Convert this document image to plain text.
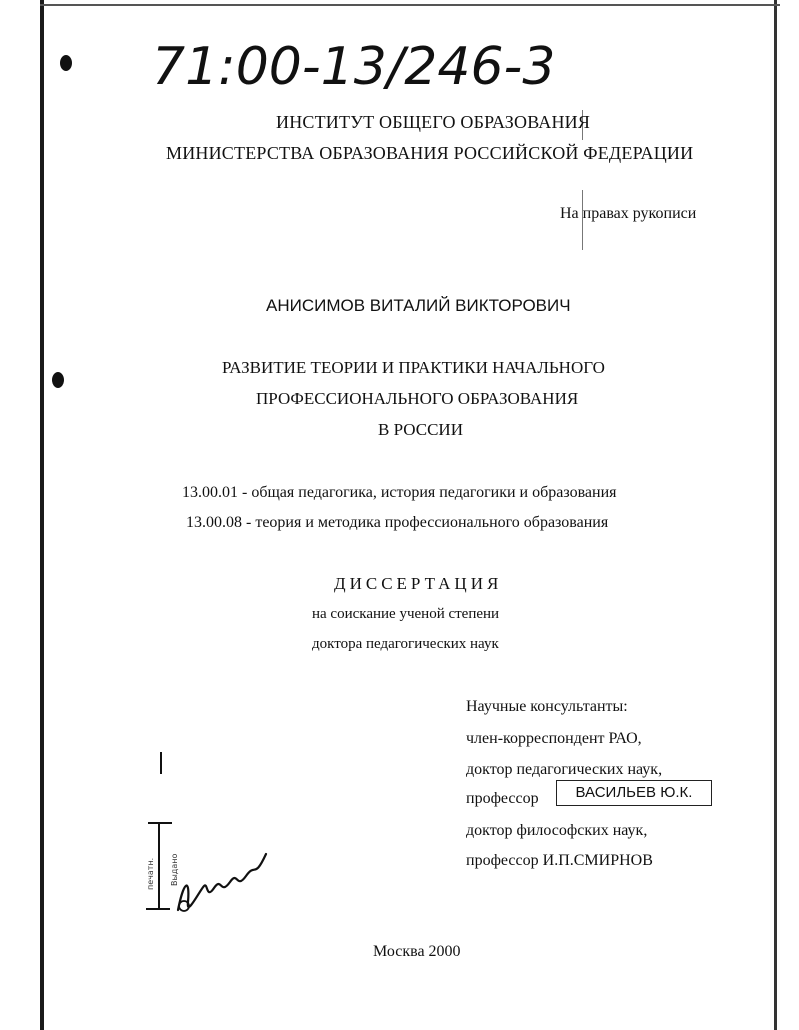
71:00-13/246-3
ИНСТИТУТ ОБЩЕГО ОБРАЗОВАНИЯ
МИНИСТЕРСТВА ОБРАЗОВАНИЯ РОССИЙСКОЙ ФЕДЕРАЦИИ
На правах рукописи
АНИСИМОВ ВИТАЛИЙ ВИКТОРОВИЧ
РАЗВИТИЕ ТЕОРИИ И ПРАКТИКИ НАЧАЛЬНОГО
ПРОФЕССИОНАЛЬНОГО ОБРАЗОВАНИЯ
В РОССИИ
13.00.01 - общая педагогика, история педагогики и образования
13.00.08 - теория и методика профессионального образования
ДИССЕРТАЦИЯ
на соискание ученой степени
доктора педагогических наук
Научные консультанты:
член-корреспондент РАО,
доктор педагогических наук,
профессор	ВАСИЛЬЕВ Ю.К.
доктор философских наук,
профессор И.П.СМИРНОВ
Москва 2000
печатн. Выдано
